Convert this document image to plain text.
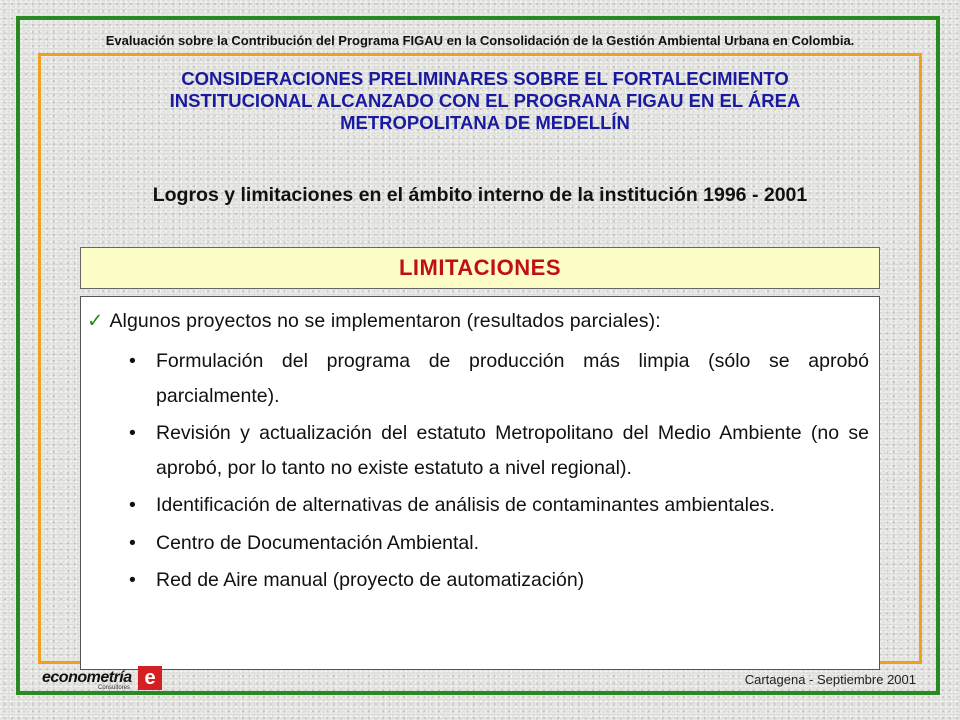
Evaluación sobre la Contribución del Programa FIGAU en la Consolidación de la Gestión Ambiental Urbana en Colombia.
CONSIDERACIONES PRELIMINARES SOBRE EL FORTALECIMIENTO
INSTITUCIONAL ALCANZADO CON EL PROGRANA FIGAU EN EL ÁREA
METROPOLITANA DE MEDELLÍN
Logros y limitaciones en el ámbito interno de la institución 1996 - 2001
LIMITACIONES
✓ Algunos proyectos no se implementaron (resultados parciales):
• Formulación del programa de producción más limpia (sólo se aprobó parcialmente).
• Revisión y actualización del estatuto Metropolitano del Medio Ambiente (no se aprobó, por lo tanto no existe estatuto a nivel regional).
• Identificación de alternativas de análisis de contaminantes ambientales.
• Centro de Documentación Ambiental.
• Red de Aire manual (proyecto de automatización)
econometría e
Consultores
Cartagena - Septiembre 2001
